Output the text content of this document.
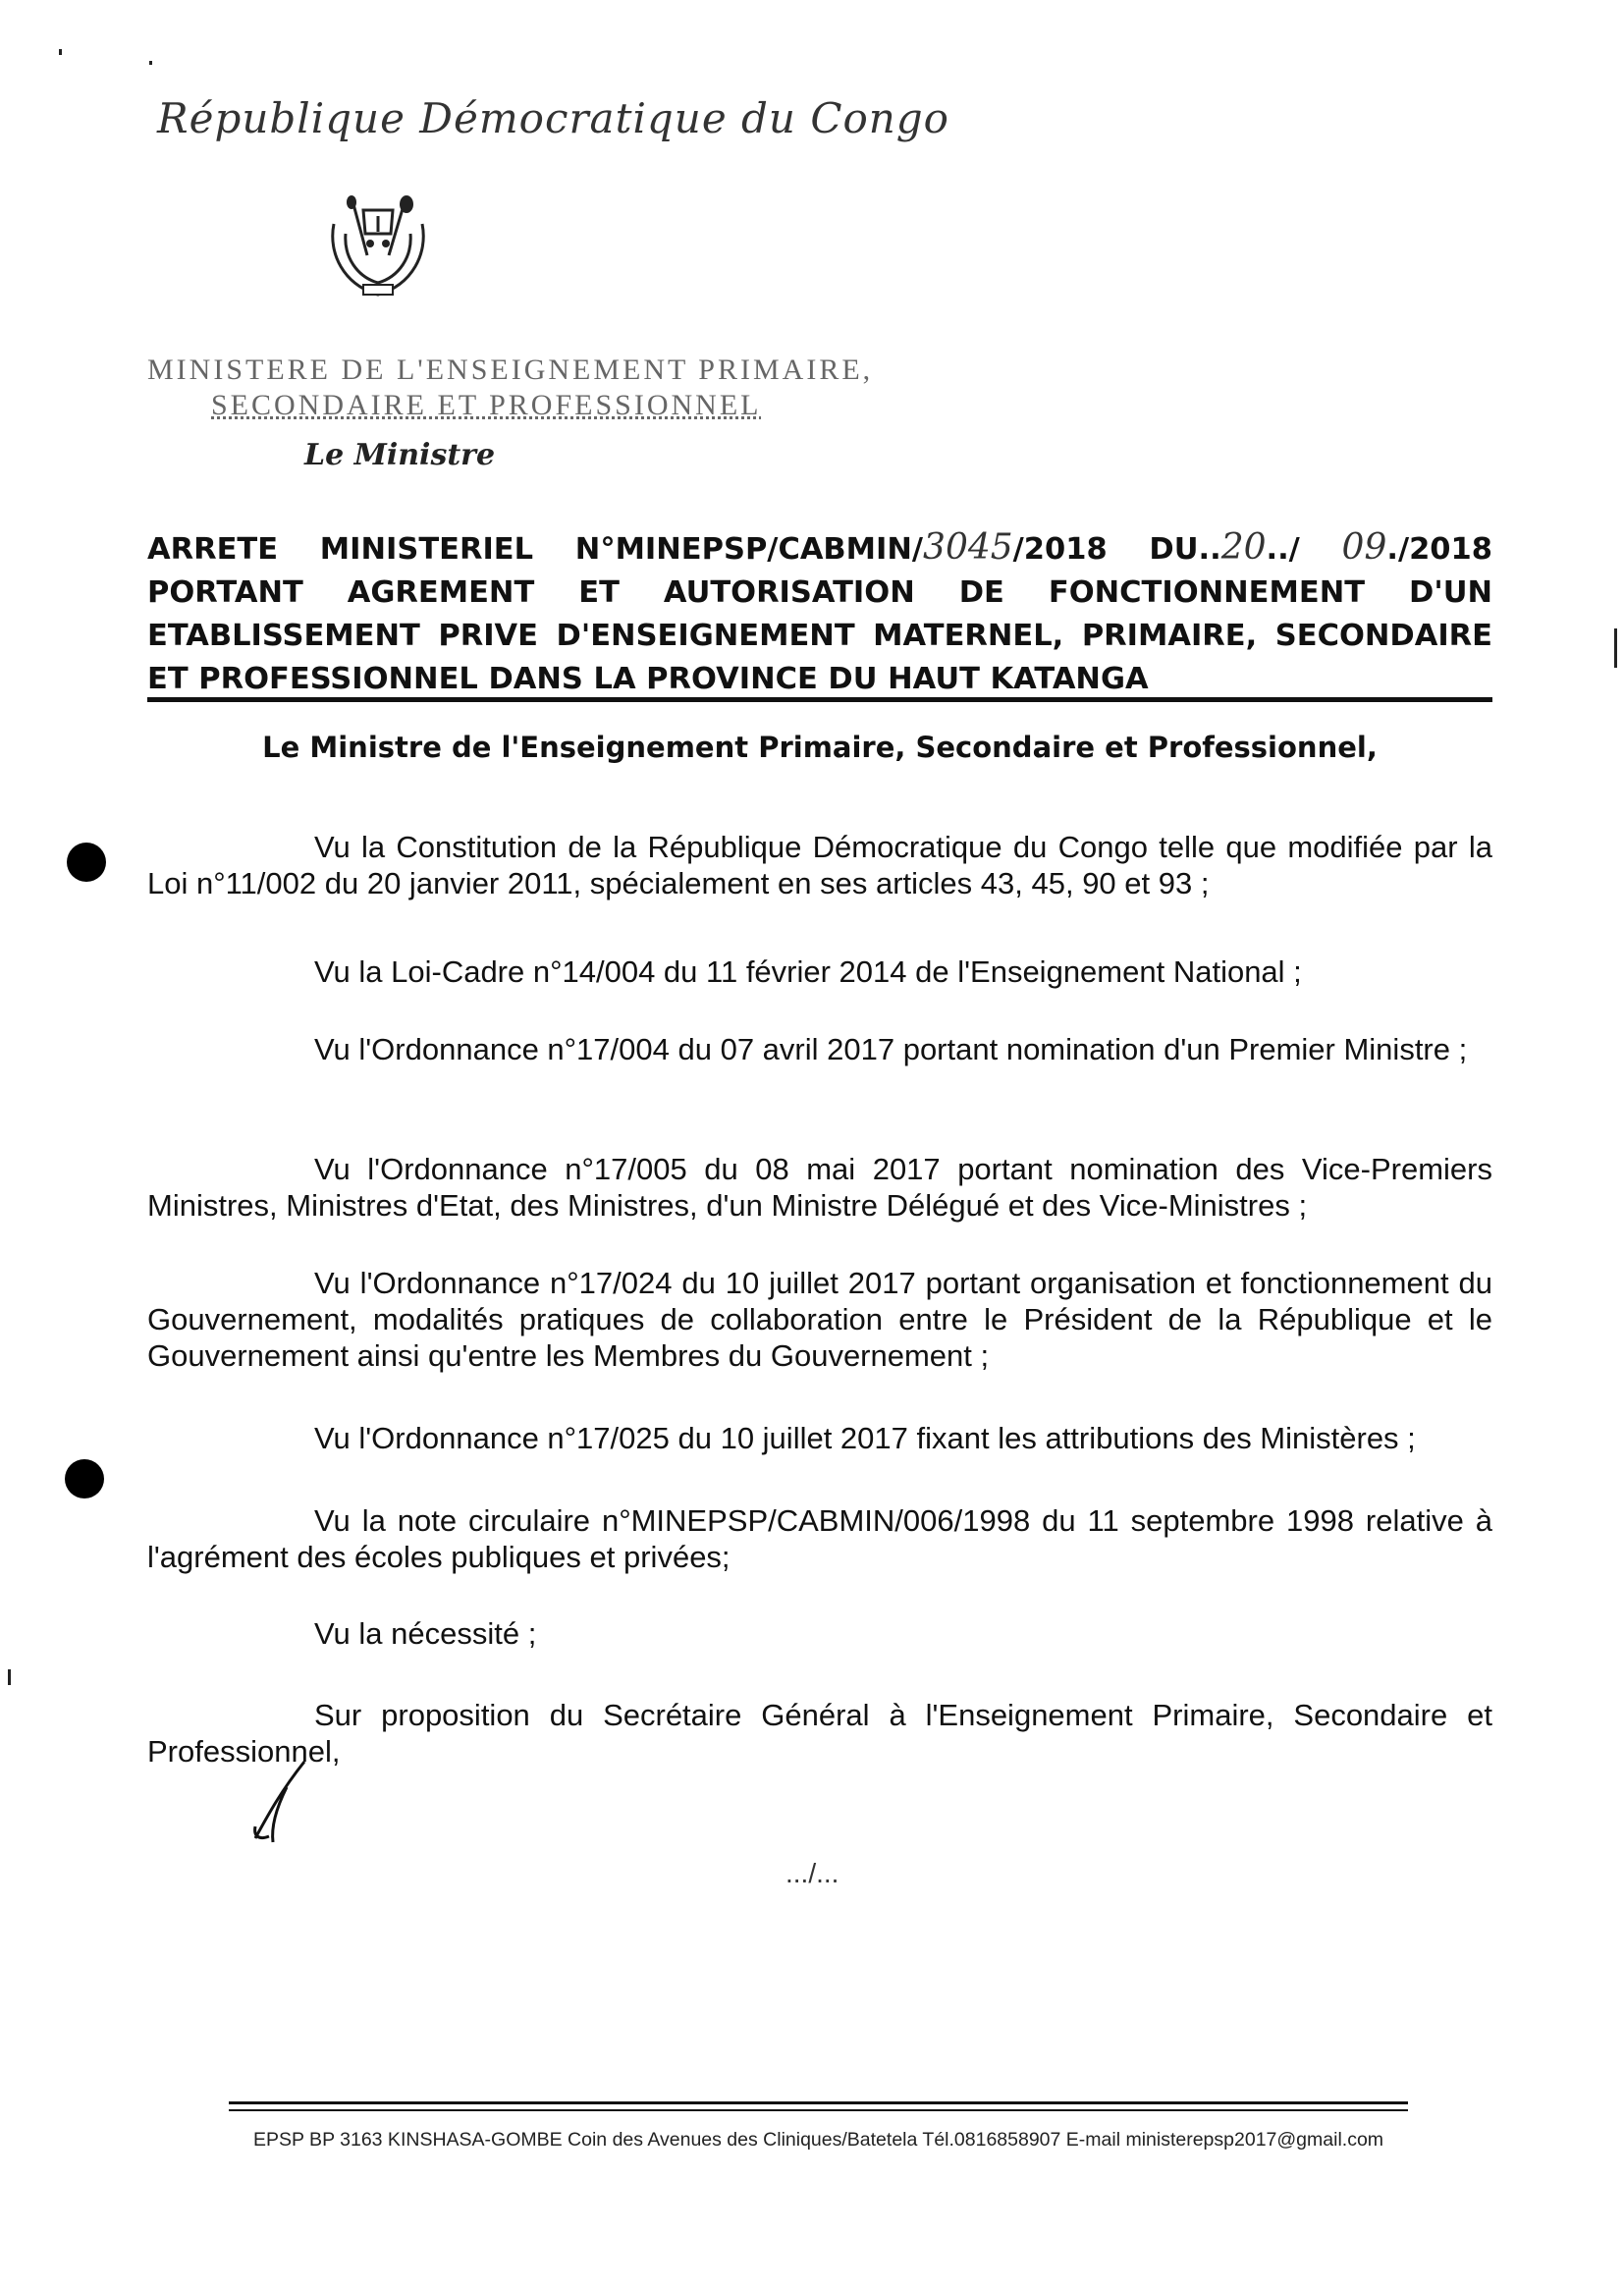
République Démocratique du Congo
MINISTERE DE L'ENSEIGNEMENT PRIMAIRE,
SECONDAIRE ET PROFESSIONNEL
Le Ministre
ARRETE MINISTERIEL N°MINEPSP/CABMIN/3045/2018 DU..20../ 09./2018 PORTANT AGREMENT ET AUTORISATION DE FONCTIONNEMENT D'UN ETABLISSEMENT PRIVE D'ENSEIGNEMENT MATERNEL, PRIMAIRE, SECONDAIRE ET PROFESSIONNEL DANS LA PROVINCE DU HAUT KATANGA
Le Ministre de l'Enseignement Primaire, Secondaire et Professionnel,
Vu la Constitution de la République Démocratique du Congo telle que modifiée par la Loi n°11/002 du 20 janvier 2011, spécialement en ses articles 43, 45, 90 et 93 ;
Vu la Loi-Cadre n°14/004 du 11 février 2014 de l'Enseignement National ;
Vu l'Ordonnance n°17/004 du 07 avril 2017 portant nomination d'un Premier Ministre ;
Vu l'Ordonnance n°17/005 du 08 mai 2017 portant nomination des Vice-Premiers Ministres, Ministres d'Etat, des Ministres, d'un Ministre Délégué et des Vice-Ministres ;
Vu l'Ordonnance n°17/024 du 10 juillet 2017 portant organisation et fonctionnement du Gouvernement, modalités pratiques de collaboration entre le Président de la République et le Gouvernement ainsi qu'entre les Membres du Gouvernement ;
Vu l'Ordonnance n°17/025 du 10 juillet 2017 fixant les attributions des Ministères ;
Vu la note circulaire n°MINEPSP/CABMIN/006/1998 du 11 septembre 1998 relative à l'agrément des écoles publiques et privées;
Vu la nécessité ;
Sur proposition du Secrétaire Général à l'Enseignement Primaire, Secondaire et Professionnel,
.../...
EPSP BP 3163 KINSHASA-GOMBE Coin des Avenues des Cliniques/Batetela Tél.0816858907 E-mail ministerepsp2017@gmail.com
